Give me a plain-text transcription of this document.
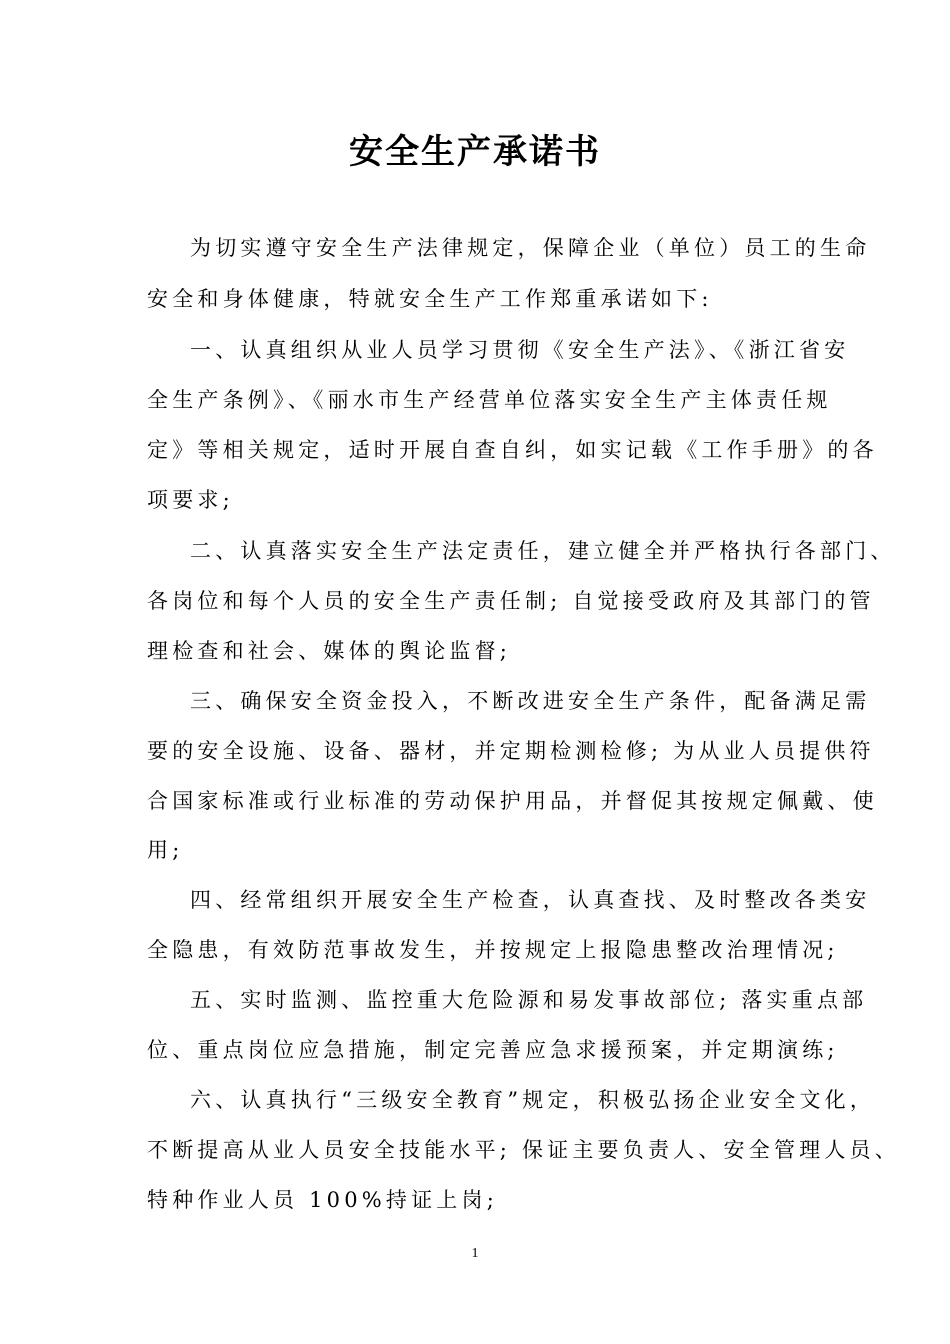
安全生产承诺书
为切实遵守安全生产法律规定，保障企业（单位）员工的生命
安全和身体健康，特就安全生产工作郑重承诺如下:
一、认真组织从业人员学习贯彻《安全生产法》、《浙江省安
全生产条例》、《丽水市生产经营单位落实安全生产主体责任规
定》等相关规定，适时开展自查自纠，如实记载《工作手册》的各
项要求;
二、认真落实安全生产法定责任，建立健全并严格执行各部门、
各岗位和每个人员的安全生产责任制; 自觉接受政府及其部门的管
理检查和社会、媒体的舆论监督;
三、确保安全资金投入，不断改进安全生产条件，配备满足需
要的安全设施、设备、器材，并定期检测检修; 为从业人员提供符
合国家标准或行业标准的劳动保护用品，并督促其按规定佩戴、使
用;
四、经常组织开展安全生产检查，认真查找、及时整改各类安
全隐患，有效防范事故发生，并按规定上报隐患整改治理情况;
五、实时监测、监控重大危险源和易发事故部位; 落实重点部
位、重点岗位应急措施，制定完善应急求援预案，并定期演练;
六、认真执行“三级安全教育”规定，积极弘扬企业安全文化，
不断提高从业人员安全技能水平; 保证主要负责人、安全管理人员、
特种作业人员 100%持证上岗;
1
